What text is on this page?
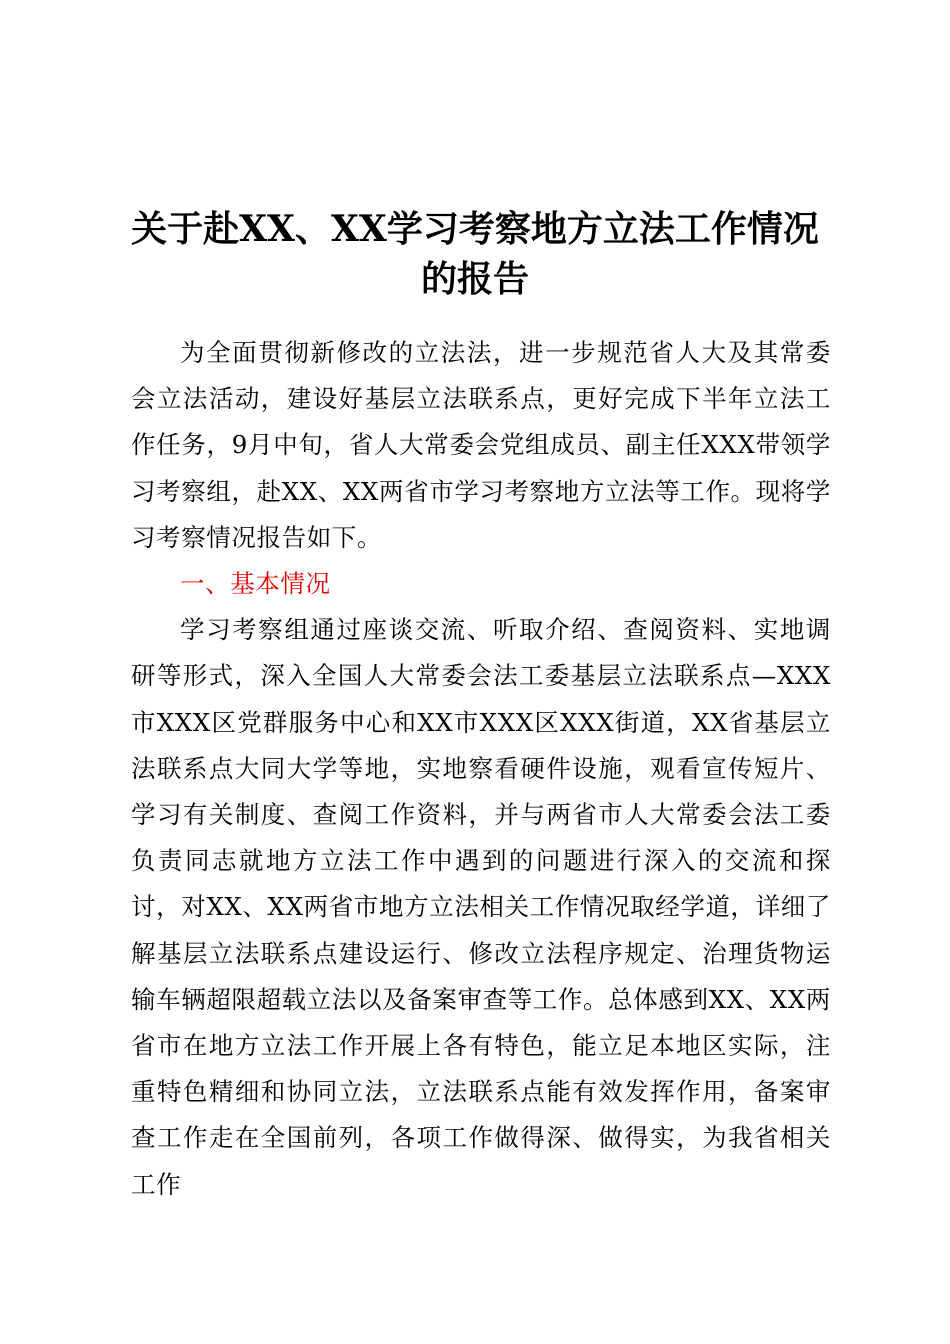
关于赴XX、XX学习考察地方立法工作情况
的报告

为全面贯彻新修改的立法法，进一步规范省人大及其常委会立法活动，建设好基层立法联系点，更好完成下半年立法工作任务，9月中旬，省人大常委会党组成员、副主任XXX带领学习考察组，赴XX、XX两省市学习考察地方立法等工作。现将学习考察情况报告如下。

一、基本情况

学习考察组通过座谈交流、听取介绍、查阅资料、实地调研等形式，深入全国人大常委会法工委基层立法联系点—XXX市XXX区党群服务中心和XX市XXX区XXX街道，XX省基层立法联系点大同大学等地，实地察看硬件设施，观看宣传短片、学习有关制度、查阅工作资料，并与两省市人大常委会法工委负责同志就地方立法工作中遇到的问题进行深入的交流和探讨，对XX、XX两省市地方立法相关工作情况取经学道，详细了解基层立法联系点建设运行、修改立法程序规定、治理货物运输车辆超限超载立法以及备案审查等工作。总体感到XX、XX两省市在地方立法工作开展上各有特色，能立足本地区实际，注重特色精细和协同立法，立法联系点能有效发挥作用，备案审查工作走在全国前列，各项工作做得深、做得实，为我省相关工作
